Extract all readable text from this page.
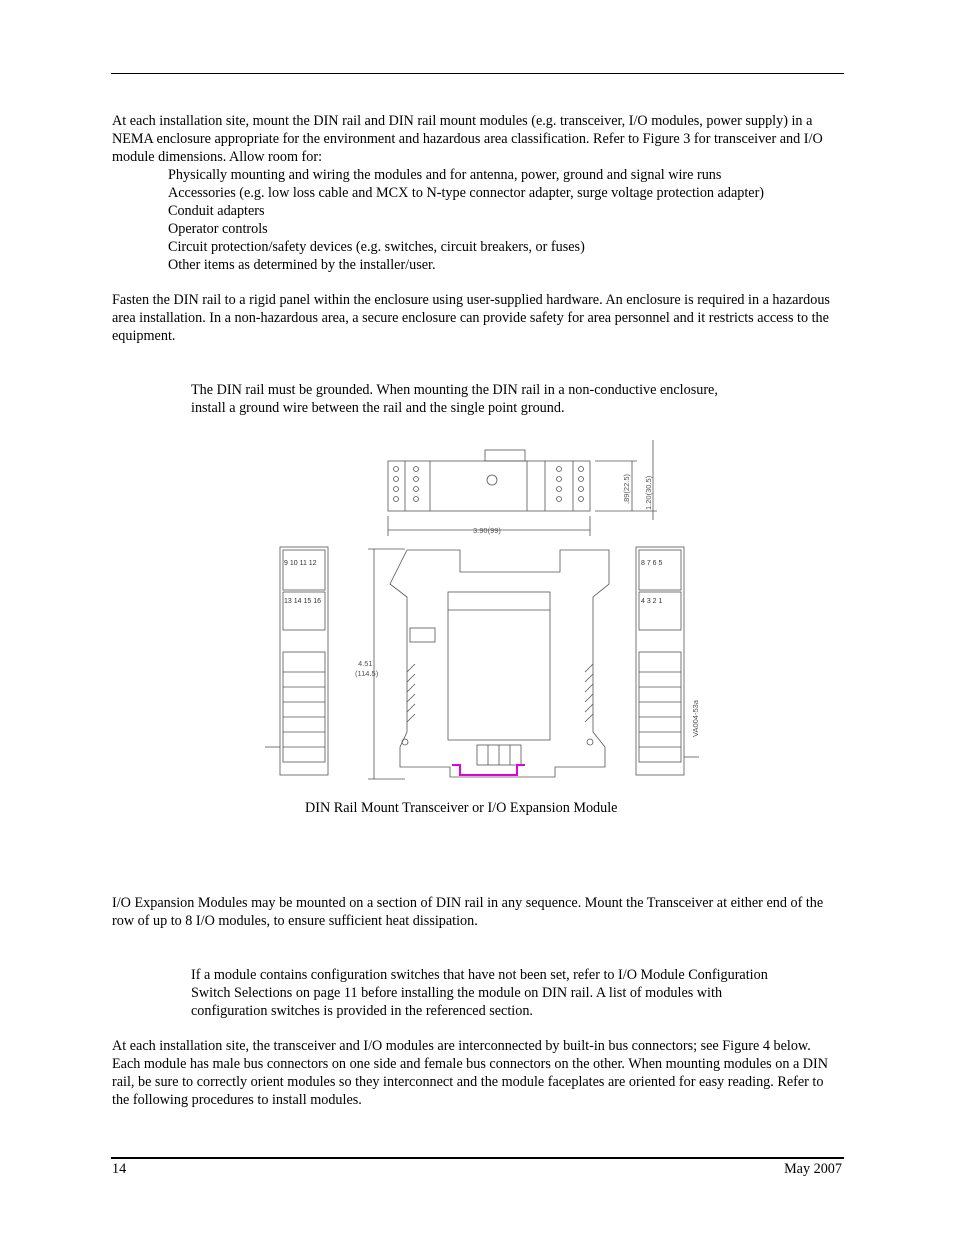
At each installation site, mount the DIN rail and DIN rail mount modules (e.g. transceiver, I/O modules, power supply) in a NEMA enclosure appropriate for the environment and hazardous area classification. Refer to Figure 3 for transceiver and I/O module dimensions. Allow room for:

Physically mounting and wiring the modules and for antenna, power, ground and signal wire runs
Accessories (e.g. low loss cable and MCX to N-type connector adapter, surge voltage protection adapter)
Conduit adapters
Operator controls
Circuit protection/safety devices (e.g. switches, circuit breakers, or fuses)
Other items as determined by the installer/user.

Fasten the DIN rail to a rigid panel within the enclosure using user-supplied hardware. An enclosure is required in a hazardous area installation. In a non-hazardous area, a secure enclosure can provide safety for area personnel and it restricts access to the equipment.

The DIN rail must be grounded. When mounting the DIN rail in a non-conductive enclosure, install a ground wire between the rail and the single point ground.

3.90(99)
4.51
(114.5)
.89(22.5) 1.20(30.5)
VA004-53a
9 10 11 12
13 14 15 16
8 7 6 5
4 3 2 1
DIN Rail Mount Transceiver or I/O Expansion Module

I/O Expansion Modules may be mounted on a section of DIN rail in any sequence. Mount the Transceiver at either end of the row of up to 8 I/O modules, to ensure sufficient heat dissipation.

If a module contains configuration switches that have not been set, refer to I/O Module Configuration Switch Selections on page 11 before installing the module on DIN rail. A list of modules with configuration switches is provided in the referenced section.

At each installation site, the transceiver and I/O modules are interconnected by built-in bus connectors; see Figure 4 below. Each module has male bus connectors on one side and female bus connectors on the other. When mounting modules on a DIN rail, be sure to correctly orient modules so they interconnect and the module faceplates are oriented for easy reading. Refer to the following procedures to install modules.

14	May 2007
